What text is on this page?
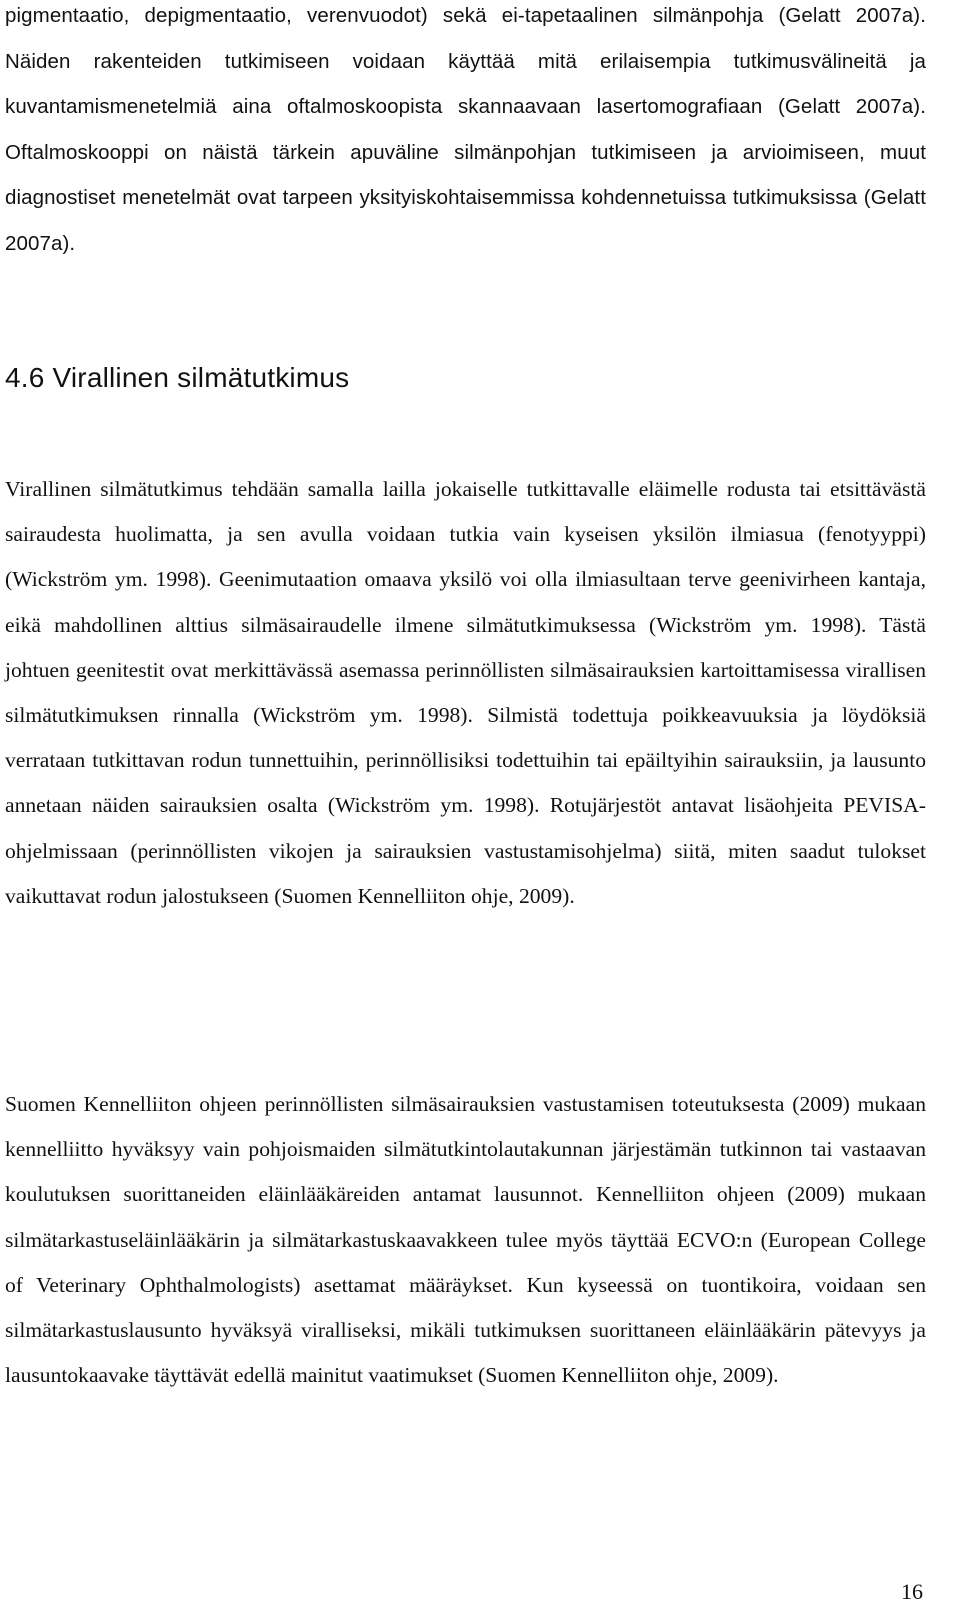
pigmentaatio, depigmentaatio, verenvuodot) sekä ei-tapetaalinen silmänpohja (Gelatt 2007a). Näiden rakenteiden tutkimiseen voidaan käyttää mitä erilaisempia tutkimusvälineitä ja kuvantamismenetelmiä aina oftalmoskoopista skannaavaan lasertomografiaan (Gelatt 2007a). Oftalmoskooppi on näistä tärkein apuväline silmänpohjan tutkimiseen ja arvioimiseen, muut diagnostiset menetelmät ovat tarpeen yksityiskohtaisemmissa kohdennetuissa tutkimuksissa (Gelatt 2007a).

4.6 Virallinen silmätutkimus

Virallinen silmätutkimus tehdään samalla lailla jokaiselle tutkittavalle eläimelle rodusta tai etsittävästä sairaudesta huolimatta, ja sen avulla voidaan tutkia vain kyseisen yksilön ilmiasua (fenotyyppi) (Wickström ym. 1998). Geenimutaation omaava yksilö voi olla ilmiasultaan terve geenivirheen kantaja, eikä mahdollinen alttius silmäsairaudelle ilmene silmätutkimuksessa (Wickström ym. 1998). Tästä johtuen geenitestit ovat merkittävässä asemassa perinnöllisten silmäsairauksien kartoittamisessa virallisen silmätutkimuksen rinnalla (Wickström ym. 1998). Silmistä todettuja poikkeavuuksia ja löydöksiä verrataan tutkittavan rodun tunnettuihin, perinnöllisiksi todettuihin tai epäiltyihin sairauksiin, ja lausunto annetaan näiden sairauksien osalta (Wickström ym. 1998). Rotujärjestöt antavat lisäohjeita PEVISA-ohjelmissaan (perinnöllisten vikojen ja sairauksien vastustamisohjelma) siitä, miten saadut tulokset vaikuttavat rodun jalostukseen (Suomen Kennelliiton ohje, 2009).

Suomen Kennelliiton ohjeen perinnöllisten silmäsairauksien vastustamisen toteutuksesta (2009) mukaan kennelliitto hyväksyy vain pohjoismaiden silmätutkintolautakunnan järjestämän tutkinnon tai vastaavan koulutuksen suorittaneiden eläinlääkäreiden antamat lausunnot. Kennelliiton ohjeen (2009) mukaan silmätarkastuseläinlääkärin ja silmätarkastuskaavakkeen tulee myös täyttää ECVO:n (European College of Veterinary Ophthalmologists) asettamat määräykset. Kun kyseessä on tuontikoira, voidaan sen silmätarkastuslausunto hyväksyä viralliseksi, mikäli tutkimuksen suorittaneen eläinlääkärin pätevyys ja lausuntokaavake täyttävät edellä mainitut vaatimukset (Suomen Kennelliiton ohje, 2009).

16
